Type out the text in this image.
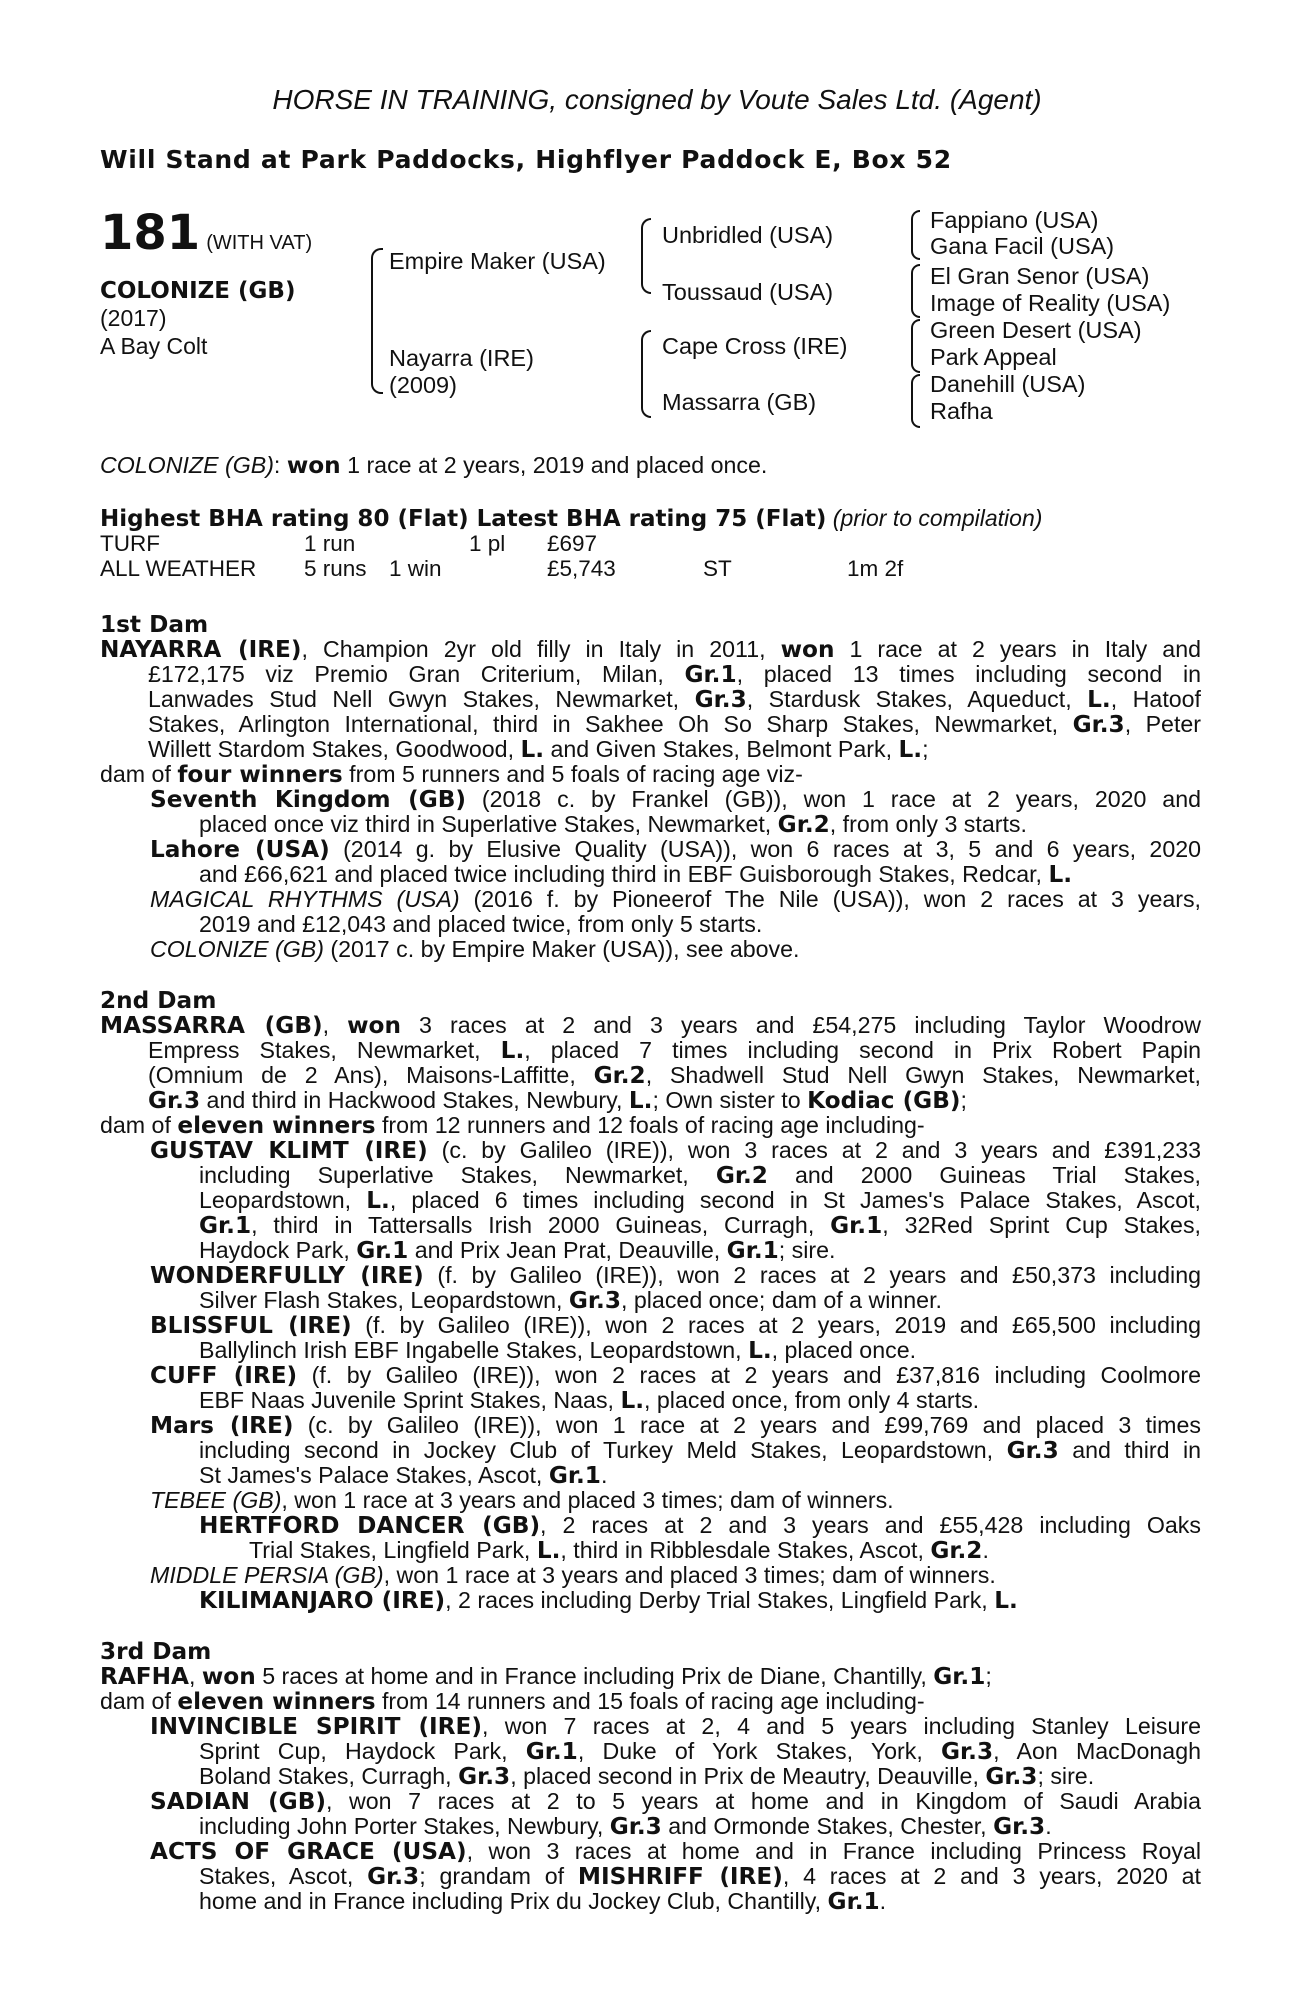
HORSE IN TRAINING, consigned by Voute Sales Ltd. (Agent)
Will Stand at Park Paddocks, Highflyer Paddock E, Box 52
181 (WITH VAT)
COLONIZE (GB)
(2017)
A Bay Colt
Empire Maker (USA)
Nayarra (IRE)
(2009)
Unbridled (USA)
Toussaud (USA)
Cape Cross (IRE)
Massarra (GB)
Fappiano (USA)
Gana Facil (USA)
El Gran Senor (USA)
Image of Reality (USA)
Green Desert (USA)
Park Appeal
Danehill (USA)
Rafha
COLONIZE (GB): won 1 race at 2 years, 2019 and placed once.
Highest BHA rating 80 (Flat) Latest BHA rating 75 (Flat) (prior to compilation)
TURF	1 run	1 pl £697
ALL WEATHER 5 runs 1 win	£5,743	ST	1m 2f
1st Dam
NAYARRA (IRE), Champion 2yr old filly in Italy in 2011, won 1 race at 2 years in Italy and
£172,175 viz Premio Gran Criterium, Milan, Gr.1, placed 13 times including second in
Lanwades Stud Nell Gwyn Stakes, Newmarket, Gr.3, Stardusk Stakes, Aqueduct, L., Hatoof
Stakes, Arlington International, third in Sakhee Oh So Sharp Stakes, Newmarket, Gr.3, Peter
Willett Stardom Stakes, Goodwood, L. and Given Stakes, Belmont Park, L.;
dam of four winners from 5 runners and 5 foals of racing age viz-
Seventh Kingdom (GB) (2018 c. by Frankel (GB)), won 1 race at 2 years, 2020 and
placed once viz third in Superlative Stakes, Newmarket, Gr.2, from only 3 starts.
Lahore (USA) (2014 g. by Elusive Quality (USA)), won 6 races at 3, 5 and 6 years, 2020
and £66,621 and placed twice including third in EBF Guisborough Stakes, Redcar, L.
MAGICAL RHYTHMS (USA) (2016 f. by Pioneerof The Nile (USA)), won 2 races at 3 years,
2019 and £12,043 and placed twice, from only 5 starts.
COLONIZE (GB) (2017 c. by Empire Maker (USA)), see above.
2nd Dam
MASSARRA (GB), won 3 races at 2 and 3 years and £54,275 including Taylor Woodrow
Empress Stakes, Newmarket, L., placed 7 times including second in Prix Robert Papin
(Omnium de 2 Ans), Maisons-Laffitte, Gr.2, Shadwell Stud Nell Gwyn Stakes, Newmarket,
Gr.3 and third in Hackwood Stakes, Newbury, L.; Own sister to Kodiac (GB);
dam of eleven winners from 12 runners and 12 foals of racing age including-
GUSTAV KLIMT (IRE) (c. by Galileo (IRE)), won 3 races at 2 and 3 years and £391,233
including Superlative Stakes, Newmarket, Gr.2 and 2000 Guineas Trial Stakes,
Leopardstown, L., placed 6 times including second in St James's Palace Stakes, Ascot,
Gr.1, third in Tattersalls Irish 2000 Guineas, Curragh, Gr.1, 32Red Sprint Cup Stakes,
Haydock Park, Gr.1 and Prix Jean Prat, Deauville, Gr.1; sire.
WONDERFULLY (IRE) (f. by Galileo (IRE)), won 2 races at 2 years and £50,373 including
Silver Flash Stakes, Leopardstown, Gr.3, placed once; dam of a winner.
BLISSFUL (IRE) (f. by Galileo (IRE)), won 2 races at 2 years, 2019 and £65,500 including
Ballylinch Irish EBF Ingabelle Stakes, Leopardstown, L., placed once.
CUFF (IRE) (f. by Galileo (IRE)), won 2 races at 2 years and £37,816 including Coolmore
EBF Naas Juvenile Sprint Stakes, Naas, L., placed once, from only 4 starts.
Mars (IRE) (c. by Galileo (IRE)), won 1 race at 2 years and £99,769 and placed 3 times
including second in Jockey Club of Turkey Meld Stakes, Leopardstown, Gr.3 and third in
St James's Palace Stakes, Ascot, Gr.1.
TEBEE (GB), won 1 race at 3 years and placed 3 times; dam of winners.
HERTFORD DANCER (GB), 2 races at 2 and 3 years and £55,428 including Oaks
Trial Stakes, Lingfield Park, L., third in Ribblesdale Stakes, Ascot, Gr.2.
MIDDLE PERSIA (GB), won 1 race at 3 years and placed 3 times; dam of winners.
KILIMANJARO (IRE), 2 races including Derby Trial Stakes, Lingfield Park, L.
3rd Dam
RAFHA, won 5 races at home and in France including Prix de Diane, Chantilly, Gr.1;
dam of eleven winners from 14 runners and 15 foals of racing age including-
INVINCIBLE SPIRIT (IRE), won 7 races at 2, 4 and 5 years including Stanley Leisure
Sprint Cup, Haydock Park, Gr.1, Duke of York Stakes, York, Gr.3, Aon MacDonagh
Boland Stakes, Curragh, Gr.3, placed second in Prix de Meautry, Deauville, Gr.3; sire.
SADIAN (GB), won 7 races at 2 to 5 years at home and in Kingdom of Saudi Arabia
including John Porter Stakes, Newbury, Gr.3 and Ormonde Stakes, Chester, Gr.3.
ACTS OF GRACE (USA), won 3 races at home and in France including Princess Royal
Stakes, Ascot, Gr.3; grandam of MISHRIFF (IRE), 4 races at 2 and 3 years, 2020 at
home and in France including Prix du Jockey Club, Chantilly, Gr.1.
